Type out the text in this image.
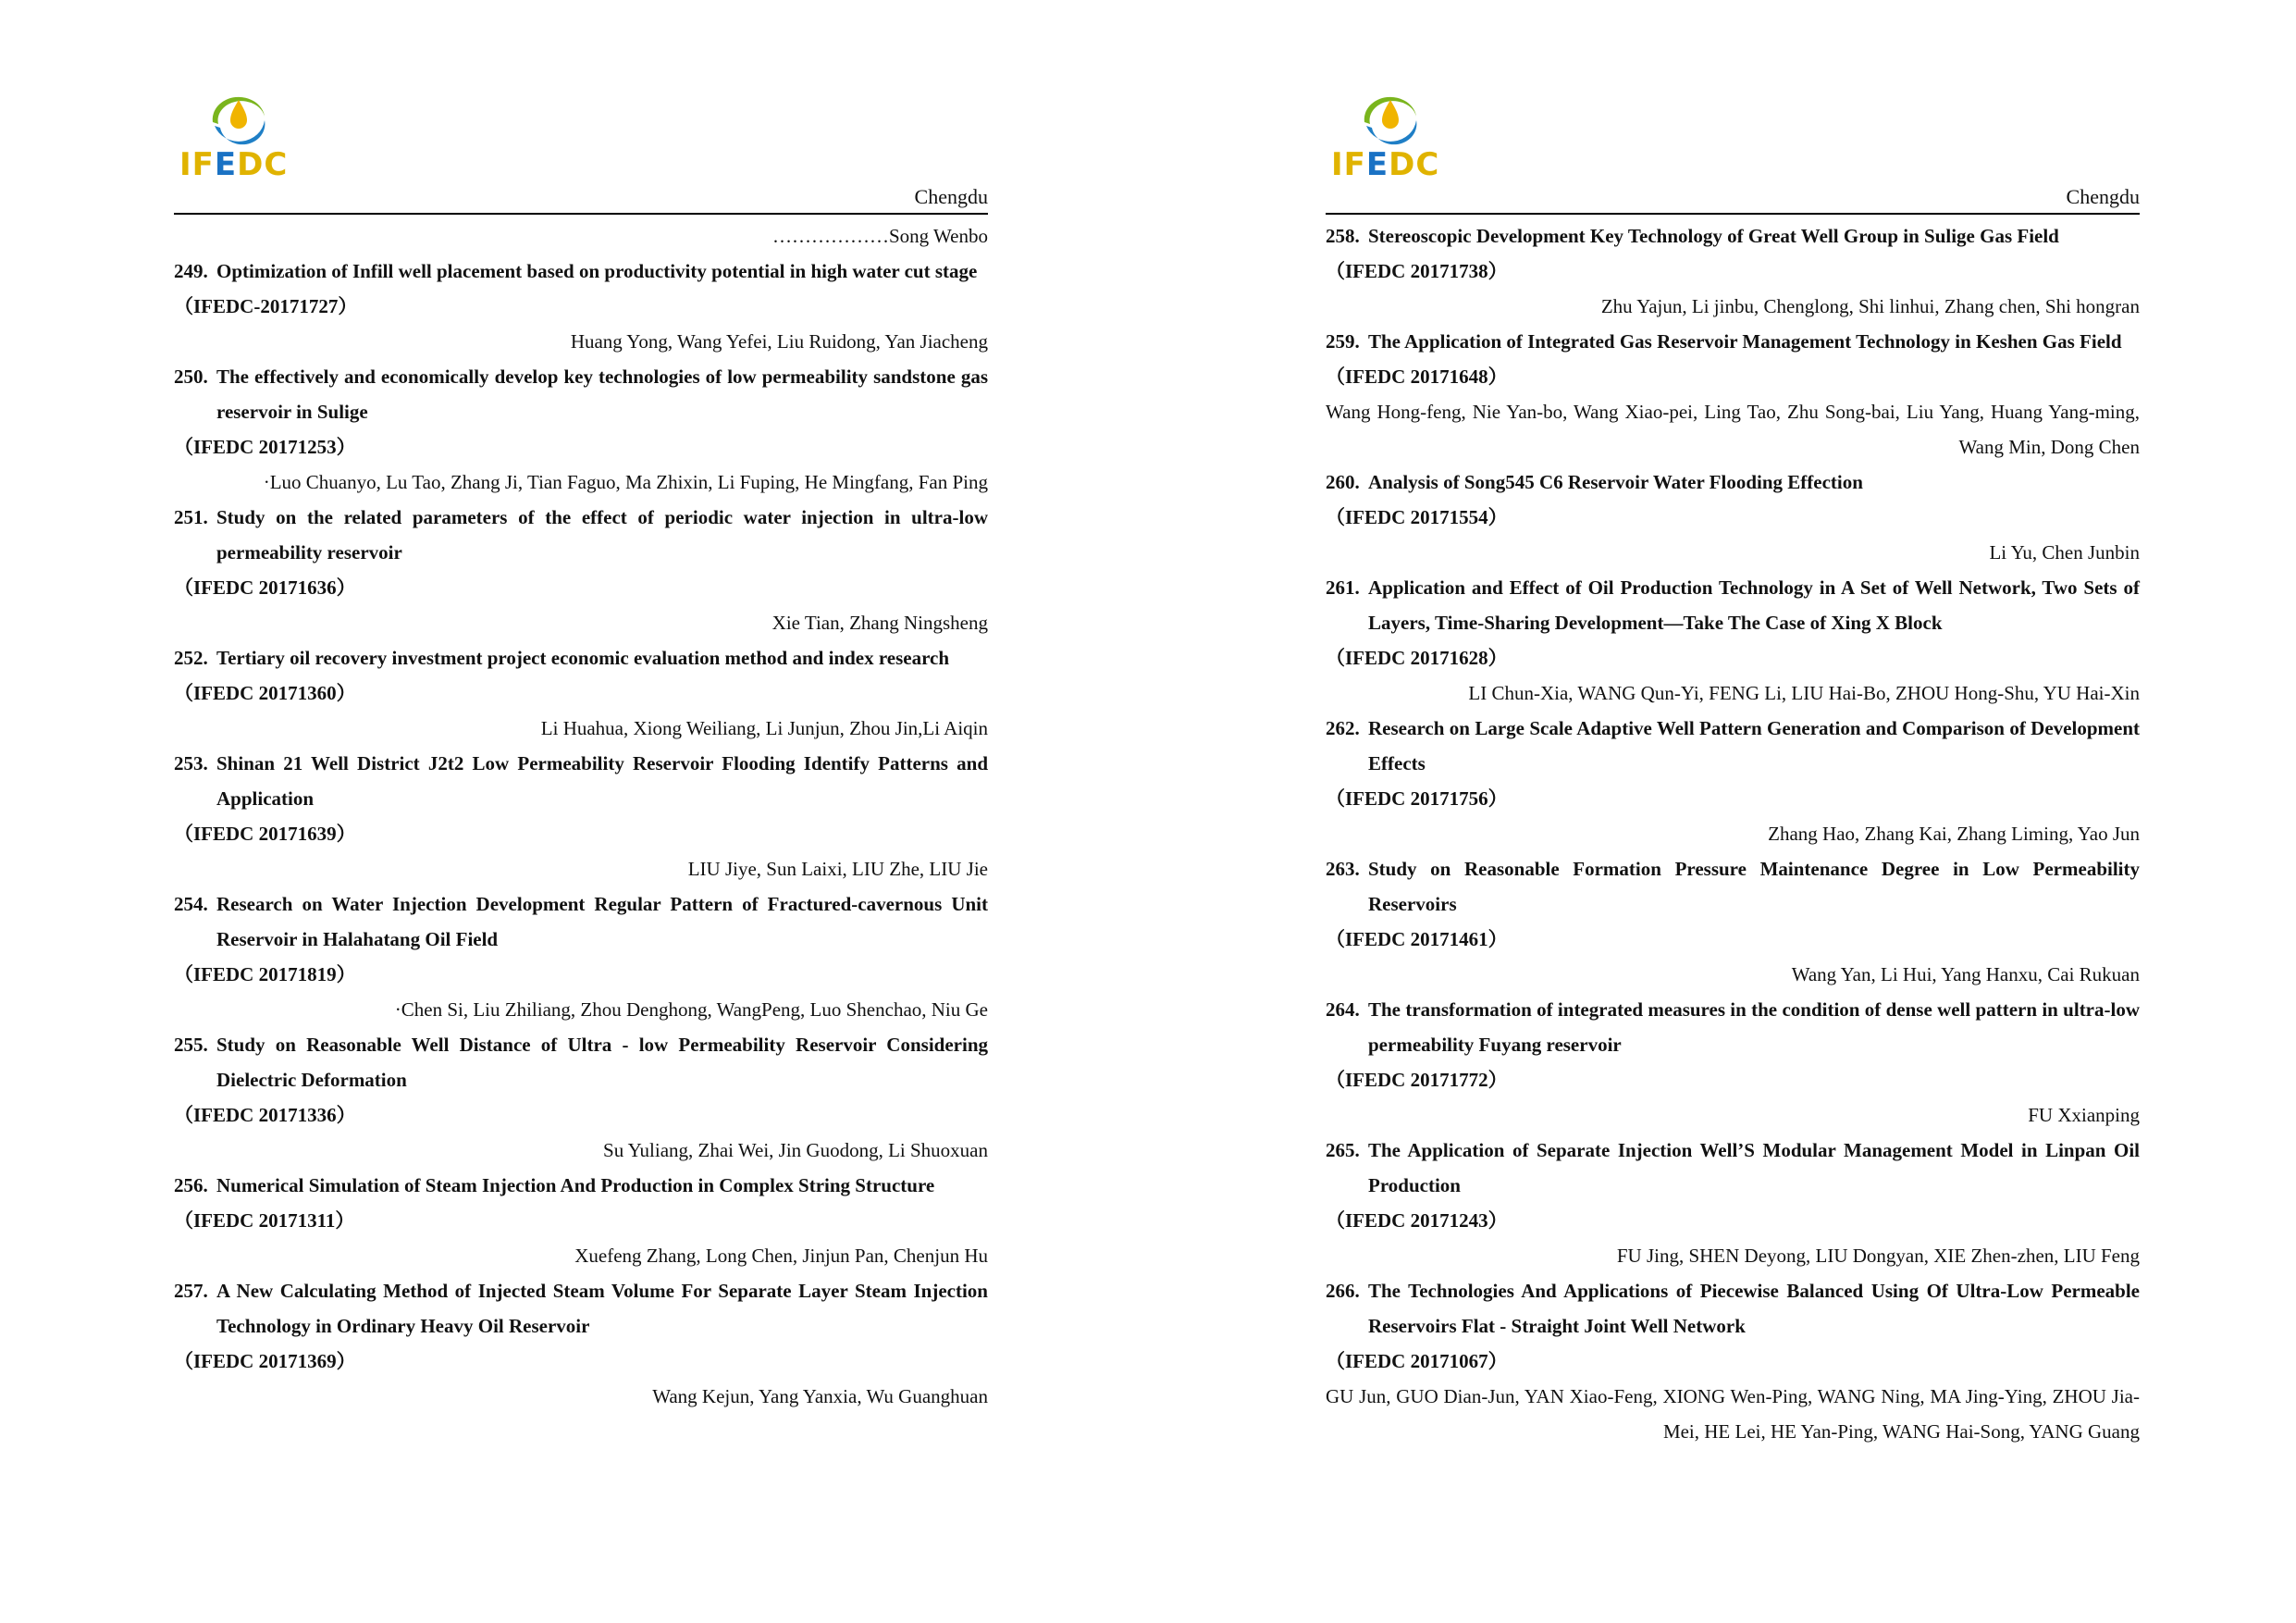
IFEDC
Chengdu
………………Song Wenbo
249. Optimization of Infill well placement based on productivity potential in high water cut stage
（IFEDC-20171727）
Huang Yong, Wang Yefei, Liu Ruidong, Yan Jiacheng
250. The effectively and economically develop key technologies of low permeability sandstone gas reservoir in Sulige
（IFEDC 20171253）
·Luo Chuanyo, Lu Tao, Zhang Ji, Tian Faguo, Ma Zhixin, Li Fuping, He Mingfang, Fan Ping
251. Study on the related parameters of the effect of periodic water injection in ultra-low permeability reservoir
（IFEDC 20171636）
Xie Tian, Zhang Ningsheng
252. Tertiary oil recovery investment project economic evaluation method and index research
（IFEDC 20171360）
Li Huahua, Xiong Weiliang, Li Junjun, Zhou Jin,Li Aiqin
253. Shinan 21 Well District J2t2 Low Permeability Reservoir Flooding Identify Patterns and Application
（IFEDC 20171639）
LIU Jiye, Sun Laixi, LIU Zhe, LIU Jie
254. Research on Water Injection Development Regular Pattern of Fractured-cavernous Unit Reservoir in Halahatang Oil Field
（IFEDC 20171819）
·Chen Si, Liu Zhiliang, Zhou Denghong, WangPeng, Luo Shenchao, Niu Ge
255. Study on Reasonable Well Distance of Ultra - low Permeability Reservoir Considering Dielectric Deformation
（IFEDC 20171336）
Su Yuliang, Zhai Wei, Jin Guodong, Li Shuoxuan
256. Numerical Simulation of Steam Injection And Production in Complex String Structure
（IFEDC 20171311）
Xuefeng Zhang, Long Chen, Jinjun Pan, Chenjun Hu
257. A New Calculating Method of Injected Steam Volume For Separate Layer Steam Injection Technology in Ordinary Heavy Oil Reservoir
（IFEDC 20171369）
Wang Kejun, Yang Yanxia, Wu Guanghuan
IFEDC
Chengdu
258. Stereoscopic Development Key Technology of Great Well Group in Sulige Gas Field
（IFEDC 20171738）
Zhu Yajun, Li jinbu, Chenglong, Shi linhui, Zhang chen, Shi hongran
259. The Application of Integrated Gas Reservoir Management Technology in Keshen Gas Field
（IFEDC 20171648）
Wang Hong-feng, Nie Yan-bo, Wang Xiao-pei, Ling Tao, Zhu Song-bai, Liu Yang, Huang Yang-ming, Wang Min, Dong Chen
260. Analysis of Song545 C6 Reservoir Water Flooding Effection
（IFEDC 20171554）
Li Yu, Chen Junbin
261. Application and Effect of Oil Production Technology in A Set of Well Network, Two Sets of Layers, Time-Sharing Development—Take The Case of Xing X Block
（IFEDC 20171628）
LI Chun-Xia, WANG Qun-Yi, FENG Li, LIU Hai-Bo, ZHOU Hong-Shu, YU Hai-Xin
262. Research on Large Scale Adaptive Well Pattern Generation and Comparison of Development Effects
（IFEDC 20171756）
Zhang Hao, Zhang Kai, Zhang Liming, Yao Jun
263. Study on Reasonable Formation Pressure Maintenance Degree in Low Permeability Reservoirs
（IFEDC 20171461）
Wang Yan, Li Hui, Yang Hanxu, Cai Rukuan
264. The transformation of integrated measures in the condition of dense well pattern in ultra-low permeability Fuyang reservoir
（IFEDC 20171772）
FU Xxianping
265. The Application of Separate Injection Well’S Modular Management Model in Linpan Oil Production
（IFEDC 20171243）
FU Jing, SHEN Deyong, LIU Dongyan, XIE Zhen-zhen, LIU Feng
266. The Technologies And Applications of Piecewise Balanced Using Of Ultra-Low Permeable Reservoirs Flat - Straight Joint Well Network
（IFEDC 20171067）
GU Jun, GUO Dian-Jun, YAN Xiao-Feng, XIONG Wen-Ping, WANG Ning, MA Jing-Ying, ZHOU Jia-Mei, HE Lei, HE Yan-Ping, WANG Hai-Song, YANG Guang
